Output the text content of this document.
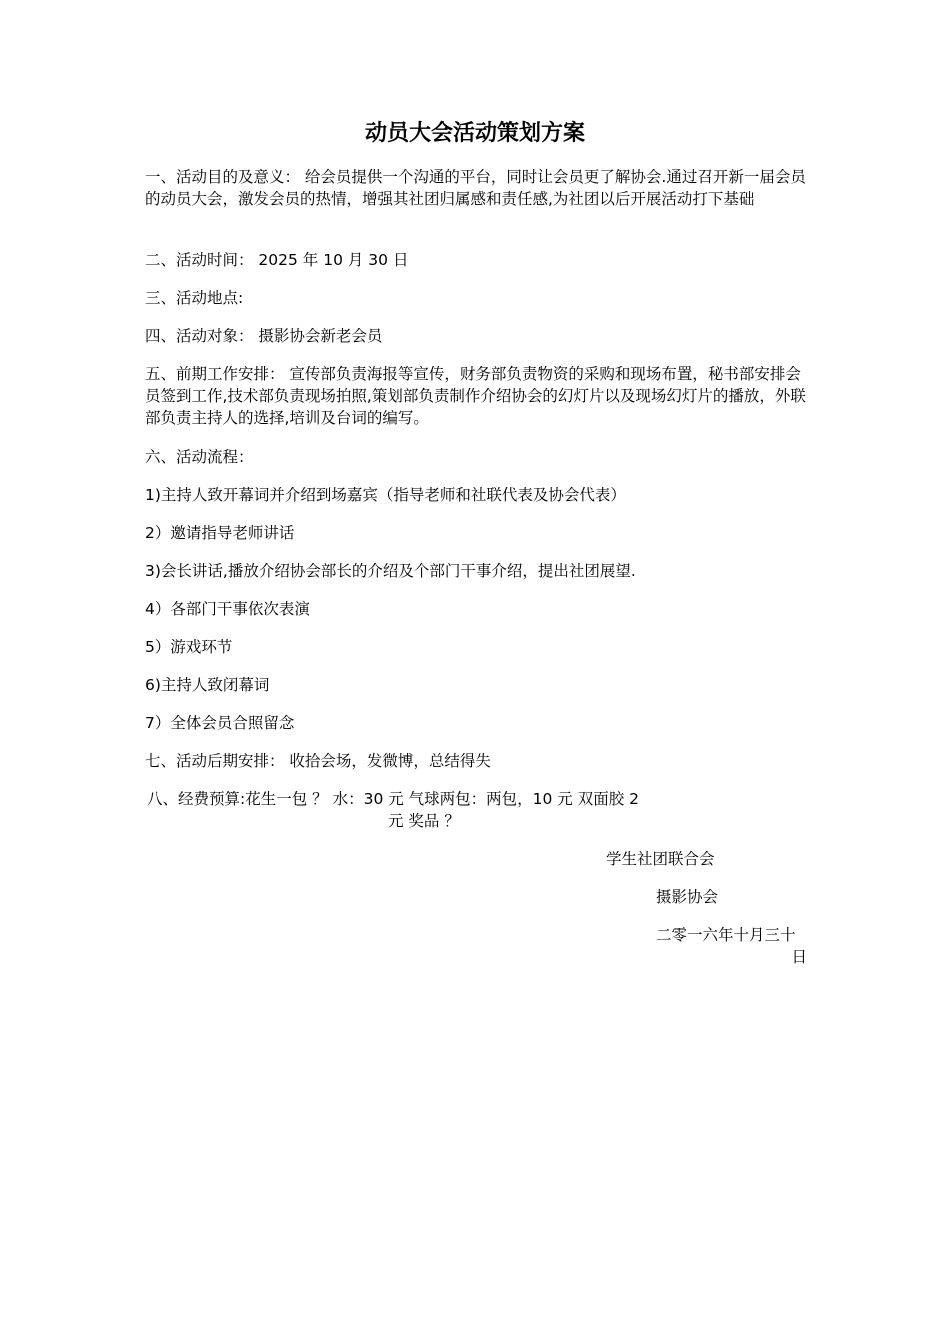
动员大会活动策划方案

一、活动目的及意义： 给会员提供一个沟通的平台，同时让会员更了解协会.通过召开新一届会员的动员大会，激发会员的热情，增强其社团归属感和责任感,为社团以后开展活动打下基础

二、活动时间： 2025 年 10 月 30 日

三、活动地点:

四、活动对象： 摄影协会新老会员

五、前期工作安排： 宣传部负责海报等宣传，财务部负责物资的采购和现场布置，秘书部安排会员签到工作,技术部负责现场拍照,策划部负责制作介绍协会的幻灯片以及现场幻灯片的播放，外联部负责主持人的选择,培训及台词的编写。

六、活动流程：

1)主持人致开幕词并介绍到场嘉宾（指导老师和社联代表及协会代表）

2）邀请指导老师讲话

3)会长讲话,播放介绍协会部长的介绍及个部门干事介绍，提出社团展望.

4）各部门干事依次表演

5）游戏环节

6)主持人致闭幕词

7）全体会员合照留念

七、活动后期安排： 收拾会场，发微博，总结得失

八、经费预算:花生一包 ？ 水：30 元 气球两包：两包，10 元 双面胶 2
元 奖品 ？
学生社团联合会
摄影协会
二零一六年十月三十
日
